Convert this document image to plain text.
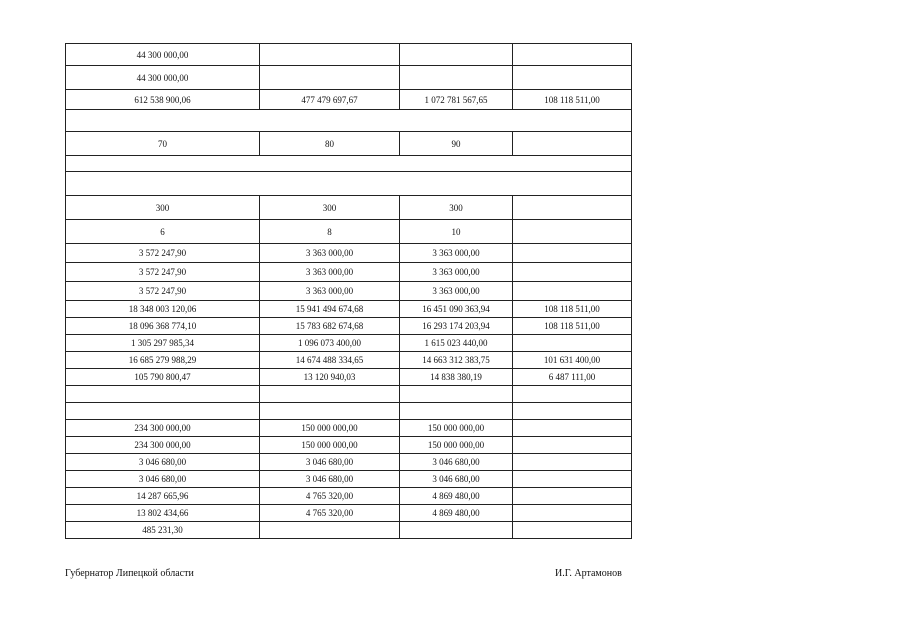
44 300 000,00			
44 300 000,00			
612 538 900,06	477 479 697,67	1 072 781 567,65	108 118 511,00

70	80	90	

300	300	300	
6	8	10	
3 572 247,90	3 363 000,00	3 363 000,00	
3 572 247,90	3 363 000,00	3 363 000,00	
3 572 247,90	3 363 000,00	3 363 000,00	
18 348 003 120,06	15 941 494 674,68	16 451 090 363,94	108 118 511,00
18 096 368 774,10	15 783 682 674,68	16 293 174 203,94	108 118 511,00
1 305 297 985,34	1 096 073 400,00	1 615 023 440,00	
16 685 279 988,29	14 674 488 334,65	14 663 312 383,75	101 631 400,00
105 790 800,47	13 120 940,03	14 838 380,19	6 487 111,00

234 300 000,00	150 000 000,00	150 000 000,00	
234 300 000,00	150 000 000,00	150 000 000,00	
3 046 680,00	3 046 680,00	3 046 680,00	
3 046 680,00	3 046 680,00	3 046 680,00	
14 287 665,96	4 765 320,00	4 869 480,00	
13 802 434,66	4 765 320,00	4 869 480,00	
485 231,30			
Губернатор Липецкой области	И.Г. Артамонов
